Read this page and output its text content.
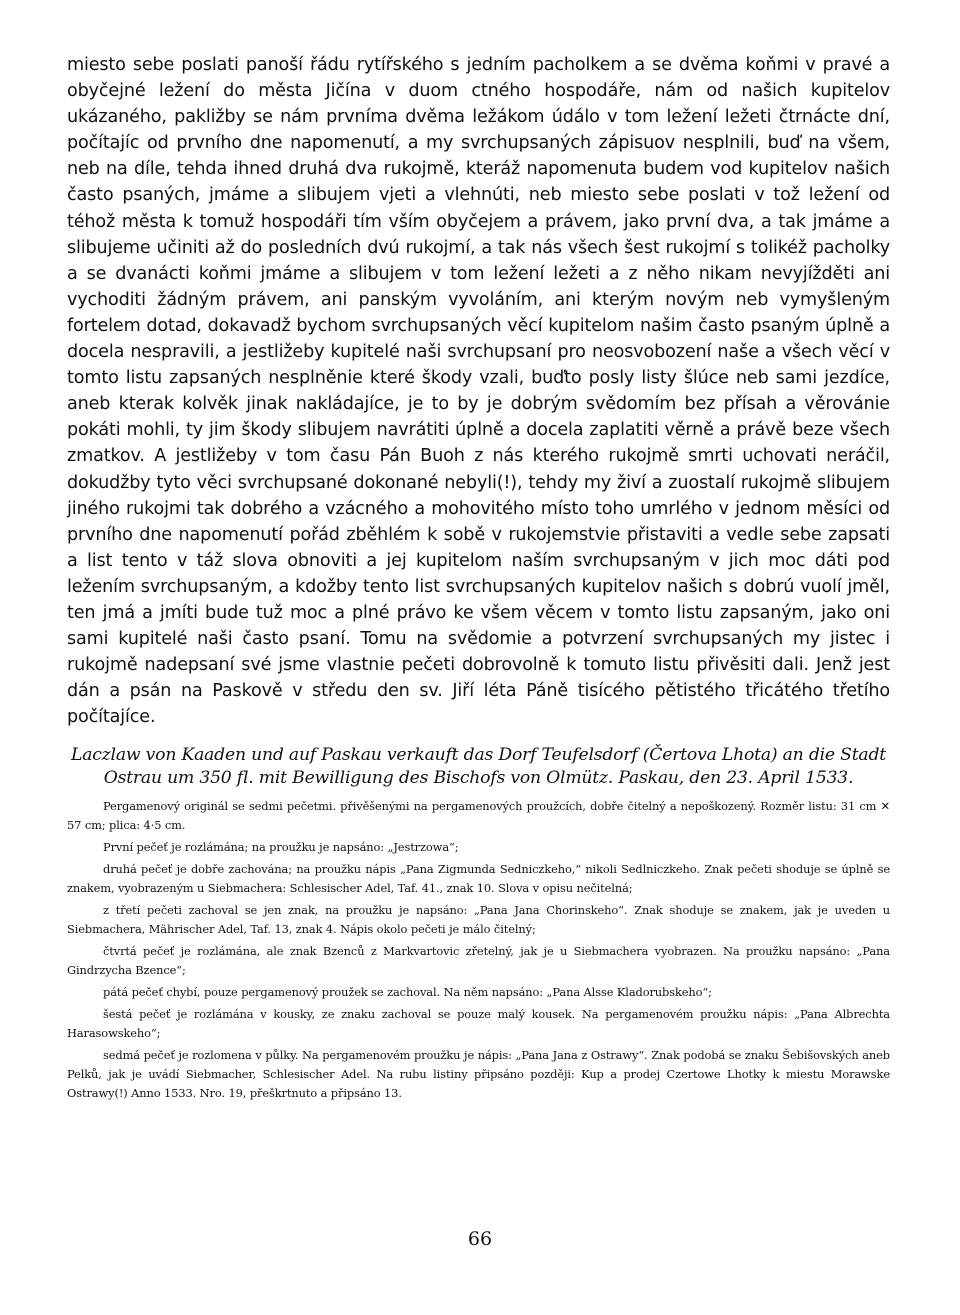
miesto sebe poslati panoší řádu rytířského s jedním pacholkem a se dvěma koňmi v pravé a obyčejné ležení do města Jičína v duom ctného hospodáře, nám od našich kupitelov ukázaného, pakližby se nám prvníma dvěma ležákom údálo v tom ležení ležeti čtrnácte dní, počítajíc od prvního dne napomenutí, a my svrchupsaných zápisuov nesplnili, buď na všem, neb na díle, tehda ihned druhá dva rukojmě, kteráž napomenuta budem vod kupitelov našich často psaných, jmáme a slibujem vjeti a vlehnúti, neb miesto sebe poslati v tož ležení od téhož města k tomuž hospodáři tím vším obyčejem a právem, jako první dva, a tak jmáme a slibujeme učiniti až do posledních dvú rukojmí, a tak nás všech šest rukojmí s tolikéž pacholky a se dvanácti koňmi jmáme a slibujem v tom ležení ležeti a z něho nikam nevyjížděti ani vychoditi žádným právem, ani panským vyvoláním, ani kterým novým neb vymyšleným fortelem dotad, dokavadž bychom svrchupsaných věcí kupitelom našim často psaným úplně a docela nespravili, a jestližeby kupitelé naši svrchupsaní pro neosvobození naše a všech věcí v tomto listu zapsaných nesplněnie které škody vzali, buďto posly listy šlúce neb sami jezdíce, aneb kterak kolvěk jinak nakládajíce, je to by je dobrým svědomím bez přísah a věrovánie pokáti mohli, ty jim škody slibujem navrátiti úplně a docela zaplatiti věrně a právě beze všech zmatkov. A jestližeby v tom času Pán Buoh z nás kterého rukojmě smrti uchovati neráčil, dokudžby tyto věci svrchupsané dokonané nebyli(!), tehdy my živí a zuostalí rukojmě slibujem jiného rukojmi tak dobrého a vzácného a mohovitého místo toho umrlého v jednom měsíci od prvního dne napomenutí pořád zběhlém k sobě v rukojemstvie přistaviti a vedle sebe zapsati a list tento v táž slova obnoviti a jej kupitelom naším svrchupsaným v jich moc dáti pod ležením svrchupsaným, a kdožby tento list svrchupsaných kupitelov našich s dobrú vuolí jměl, ten jmá a jmíti bude tuž moc a plné právo ke všem věcem v tomto listu zapsaným, jako oni sami kupitelé naši často psaní. Tomu na svědomie a potvrzení svrchupsaných my jistec i rukojmě nadepsaní své jsme vlastnie pečeti dobrovolně k tomuto listu přivěsiti dali. Jenž jest dán a psán na Paskově v středu den sv. Jiří léta Páně tisícého pětistého třicátého třetího počítajíce.

Laczlaw von Kaaden und auf Paskau verkauft das Dorf Teufelsdorf (Čertova Lhota) an die Stadt Ostrau um 350 fl. mit Bewilligung des Bischofs von Olmütz. Paskau, den 23. April 1533.

Pergamenový originál se sedmi pečetmi. přivěšenými na pergamenových proužcích, dobře čitelný a nepoškozený. Rozměr listu: 31 cm ✕ 57 cm; plica: 4·5 cm.

První pečeť je rozlámána; na proužku je napsáno: „Jestrzowa“;

druhá pečeť je dobře zachována; na proužku nápis „Pana Zigmunda Sedniczkeho,“ nikoli Sedlniczkeho. Znak pečeti shoduje se úplně se znakem, vyobrazeným u Siebmachera: Schlesischer Adel, Taf. 41., znak 10. Slova v opisu nečitelná;

z třetí pečeti zachoval se jen znak, na proužku je napsáno: „Pana Jana Chorinskeho“. Znak shoduje se znakem, jak je uveden u Siebmachera, Mährischer Adel, Taf. 13, znak 4. Nápis okolo pečeti je málo čitelný;

čtvrtá pečeť je rozlámána, ale znak Bzenců z Markvartovic zřetelný, jak je u Siebmachera vyobrazen. Na proužku napsáno: „Pana Gindrzycha Bzence“;

pátá pečeť chybí, pouze pergamenový proužek se zachoval. Na něm napsáno: „Pana Alsse Kladorubskeho“;

šestá pečeť je rozlámána v kousky, ze znaku zachoval se pouze malý kousek. Na pergamenovém proužku nápis: „Pana Albrechta Harasowskeho“;

sedmá pečeť je rozlomena v půlky. Na pergamenovém proužku je nápis: „Pana Jana z Ostrawy“. Znak podobá se znaku Šebišovských aneb Pelků, jak je uvádí Siebmacher, Schlesischer Adel. Na rubu listiny připsáno později: Kup a prodej Czertowe Lhotky k miestu Morawske Ostrawy(!) Anno 1533. Nro. 19, přeškrtnuto a připsáno 13.

66
